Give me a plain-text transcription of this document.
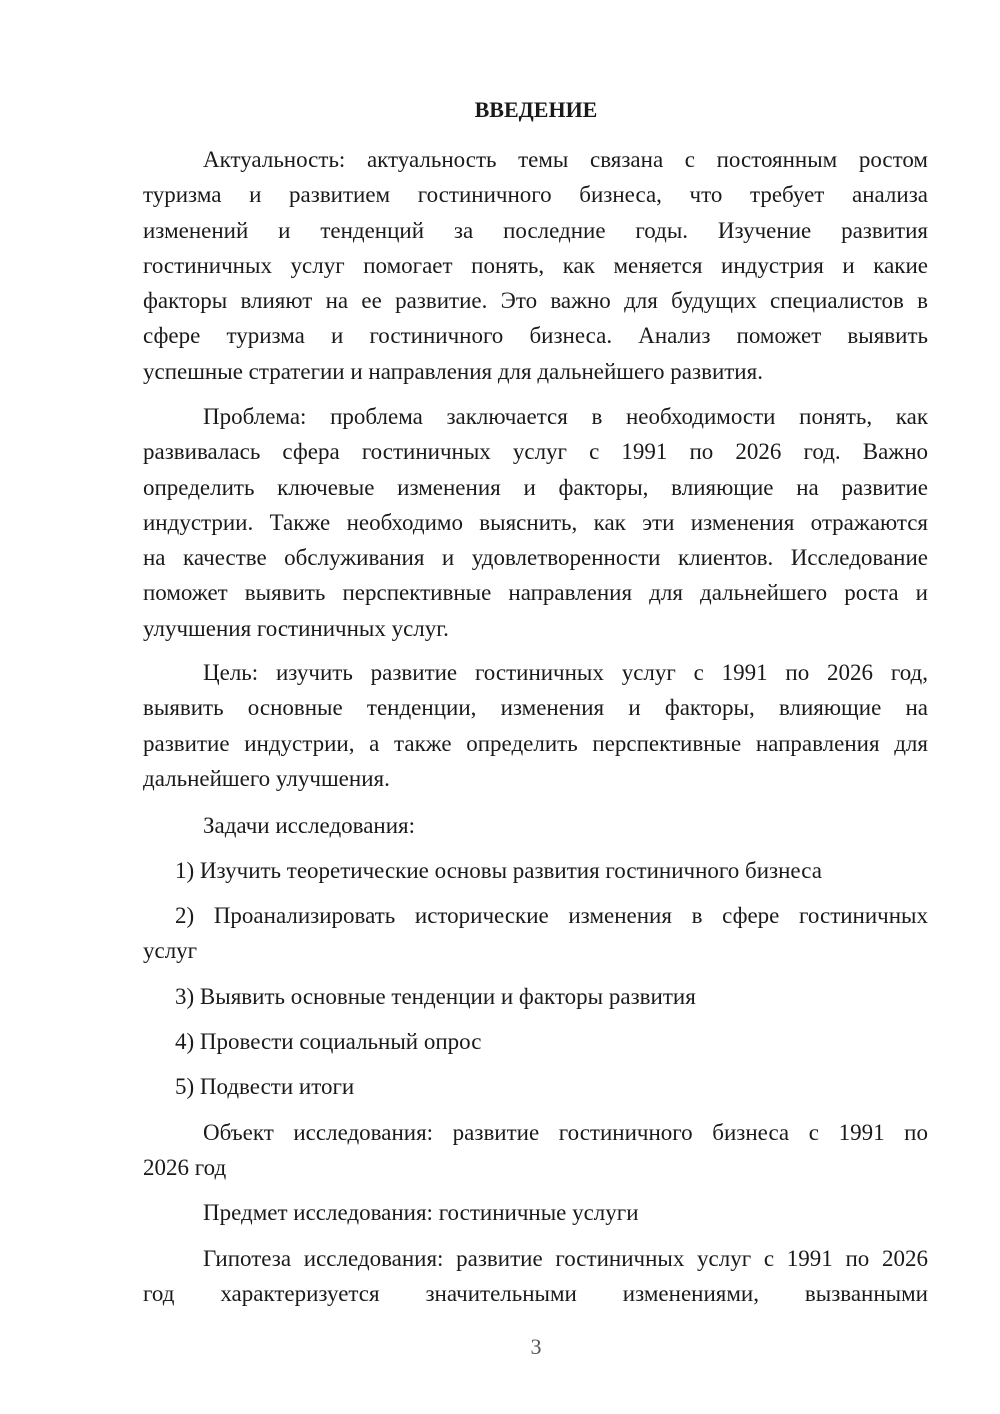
ВВЕДЕНИЕ
Актуальность: актуальность темы связана с постоянным ростом
туризма и развитием гостиничного бизнеса, что требует анализа
изменений и тенденций за последние годы. Изучение развития
гостиничных услуг помогает понять, как меняется индустрия и какие
факторы влияют на ее развитие. Это важно для будущих специалистов в
сфере туризма и гостиничного бизнеса. Анализ поможет выявить
успешные стратегии и направления для дальнейшего развития.
Проблема: проблема заключается в необходимости понять, как
развивалась сфера гостиничных услуг с 1991 по 2026 год. Важно
определить ключевые изменения и факторы, влияющие на развитие
индустрии. Также необходимо выяснить, как эти изменения отражаются
на качестве обслуживания и удовлетворенности клиентов. Исследование
поможет выявить перспективные направления для дальнейшего роста и
улучшения гостиничных услуг.
Цель: изучить развитие гостиничных услуг с 1991 по 2026 год,
выявить основные тенденции, изменения и факторы, влияющие на
развитие индустрии, а также определить перспективные направления для
дальнейшего улучшения.
Задачи исследования:
1) Изучить теоретические основы развития гостиничного бизнеса
2) Проанализировать исторические изменения в сфере гостиничных
услуг
3) Выявить основные тенденции и факторы развития
4) Провести социальный опрос
5) Подвести итоги
Объект исследования: развитие гостиничного бизнеса с 1991 по
2026 год
Предмет исследования: гостиничные услуги
Гипотеза исследования: развитие гостиничных услуг с 1991 по 2026
год характеризуется значительными изменениями, вызванными
3
